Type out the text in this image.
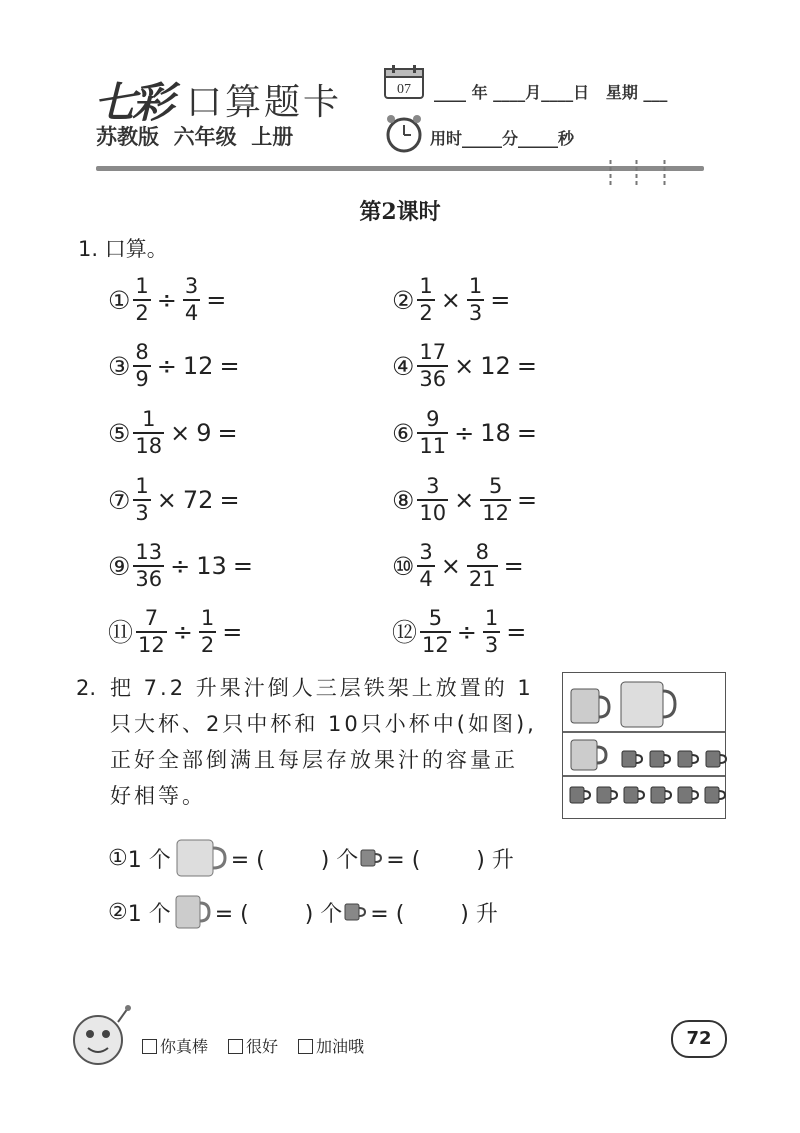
七彩 口算题卡
苏教版  六年级  上册
07 ____ 年 ____月____日   星期 ___
用时_____分_____秒
第2课时
1. 口算。
① $\frac{1}{2} \div \frac{3}{4}$ =	② $\frac{1}{2} \times \frac{1}{3}$ =
③ $\frac{8}{9} \div 12$ =	④ $\frac{17}{36} \times 12$ =
⑤ $\frac{1}{18} \times 9$ =	⑥ $\frac{9}{11} \div 18$ =
⑦ $\frac{1}{3} \times 72$ =	⑧ $\frac{3}{10} \times \frac{5}{12}$ =
⑨ $\frac{13}{36} \div 13$ =	⑩ $\frac{3}{4} \times \frac{8}{21}$ =
⑪ $\frac{7}{12} \div \frac{1}{2}$ =	⑫ $\frac{5}{12} \div \frac{1}{3}$ =
2. 把 7.2 升果汁倒人三层铁架上放置的 1只大杯、2只中杯和 10只小杯中(如图),正好全部倒满且每层存放果汁的容量正好相等。
① 1 个	= (        ) 个 = (        ) 升
② 1 个 = (        ) 个 = (        ) 升
你真棒	很好	加油哦	72
